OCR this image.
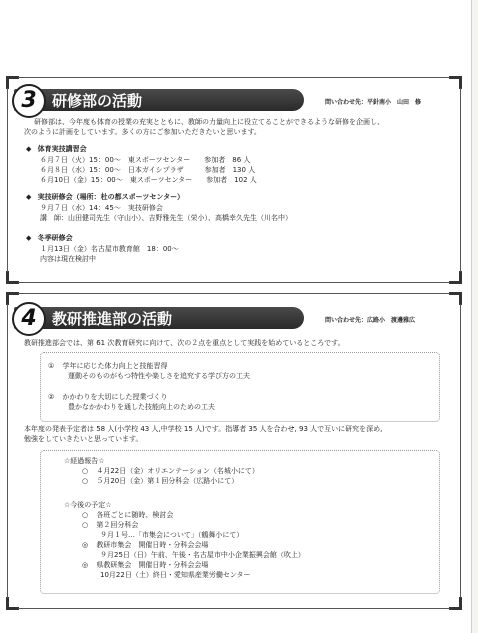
3	研修部の活動	問い合わせ先：平針南小　山田　修
研修部は、今年度も体育の授業の充実とともに、教師の力量向上に役立てることができるような研修を企画し、
次のように計画をしています。多くの方にご参加いただきたいと思います。
◆ 体育実技講習会
６月７日（火）15：00～　東スポーツセンター　　参加者　86 人
６月８日（水）15：00～　日本ガイシプラザ　　　参加者　130 人
６月10日（金）15：00～　東スポーツセンター　　参加者　102 人
◆ 実技研修会（場所：杜の都スポーツセンター）
９月７日（水）14：45～　実技研修会
講　師：山田健司先生（守山小）、吉野雅先生（栄小）、高橋幸久先生（川名中）
◆ 冬季研修会
１月13日（金）名古屋市教育館　18：00～
内容は現在検討中
4	教研推進部の活動	問い合わせ先：広路小　渡邊雅広
教研推進部会では、第 61 次教育研究に向けて、次の２点を重点として実践を始めているところです。
① 学年に応じた体力向上と技能習得
運動そのものがもつ特性や楽しさを追究する学び方の工夫
② かかわりを大切にした授業づくり
豊かなかかわりを通した技能向上のための工夫
本年度の発表予定者は 58 人(小学校 43 人,中学校 15 人)です。指導者 35 人を合わせ, 93 人で互いに研究を深め,
勉強をしていきたいと思っています。
☆経過報告☆
○ ４月22日（金）オリエンテーション（名城小にて）
○ ５月20日（金）第１回分科会（広路小にて）
☆今後の予定☆
○ 各班ごとに随時、検討会
○ 第２回分科会
９月１号…「市集会について」（鶴舞小にて）
◎ 教研市集会　開催日時・分科会会場
９月25日（日）午前、午後・名古屋市中小企業振興会館（吹上）
◎ 県教研集会　開催日時・分科会会場
10月22日（土）終日・愛知県産業労働センター
